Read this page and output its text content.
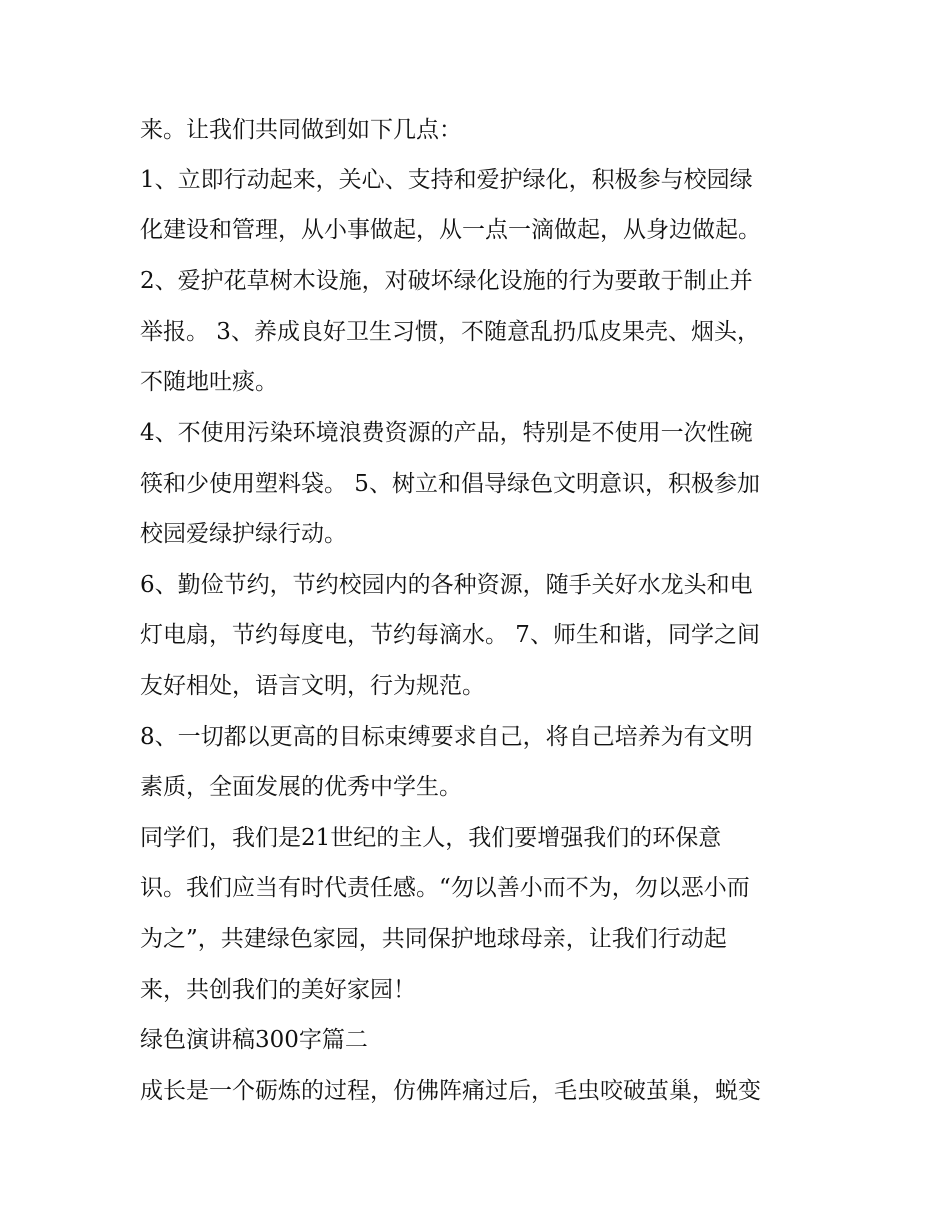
来。让我们共同做到如下几点：
1、立即行动起来，关心、支持和爱护绿化，积极参与校园绿
化建设和管理，从小事做起，从一点一滴做起，从身边做起。
2、爱护花草树木设施，对破坏绿化设施的行为要敢于制止并
举报。 3、养成良好卫生习惯，不随意乱扔瓜皮果壳、烟头，
不随地吐痰。
4、不使用污染环境浪费资源的产品，特别是不使用一次性碗
筷和少使用塑料袋。 5、树立和倡导绿色文明意识，积极参加
校园爱绿护绿行动。
6、勤俭节约，节约校园内的各种资源，随手关好水龙头和电
灯电扇，节约每度电，节约每滴水。 7、师生和谐，同学之间
友好相处，语言文明，行为规范。
8、一切都以更高的目标束缚要求自己，将自己培养为有文明
素质，全面发展的优秀中学生。
同学们，我们是21世纪的主人，我们要增强我们的环保意
识。我们应当有时代责任感。“勿以善小而不为，勿以恶小而
为之”，共建绿色家园，共同保护地球母亲，让我们行动起
来，共创我们的美好家园！
绿色演讲稿300字篇二
成长是一个砺炼的过程，仿佛阵痛过后，毛虫咬破茧巢，蜕变
